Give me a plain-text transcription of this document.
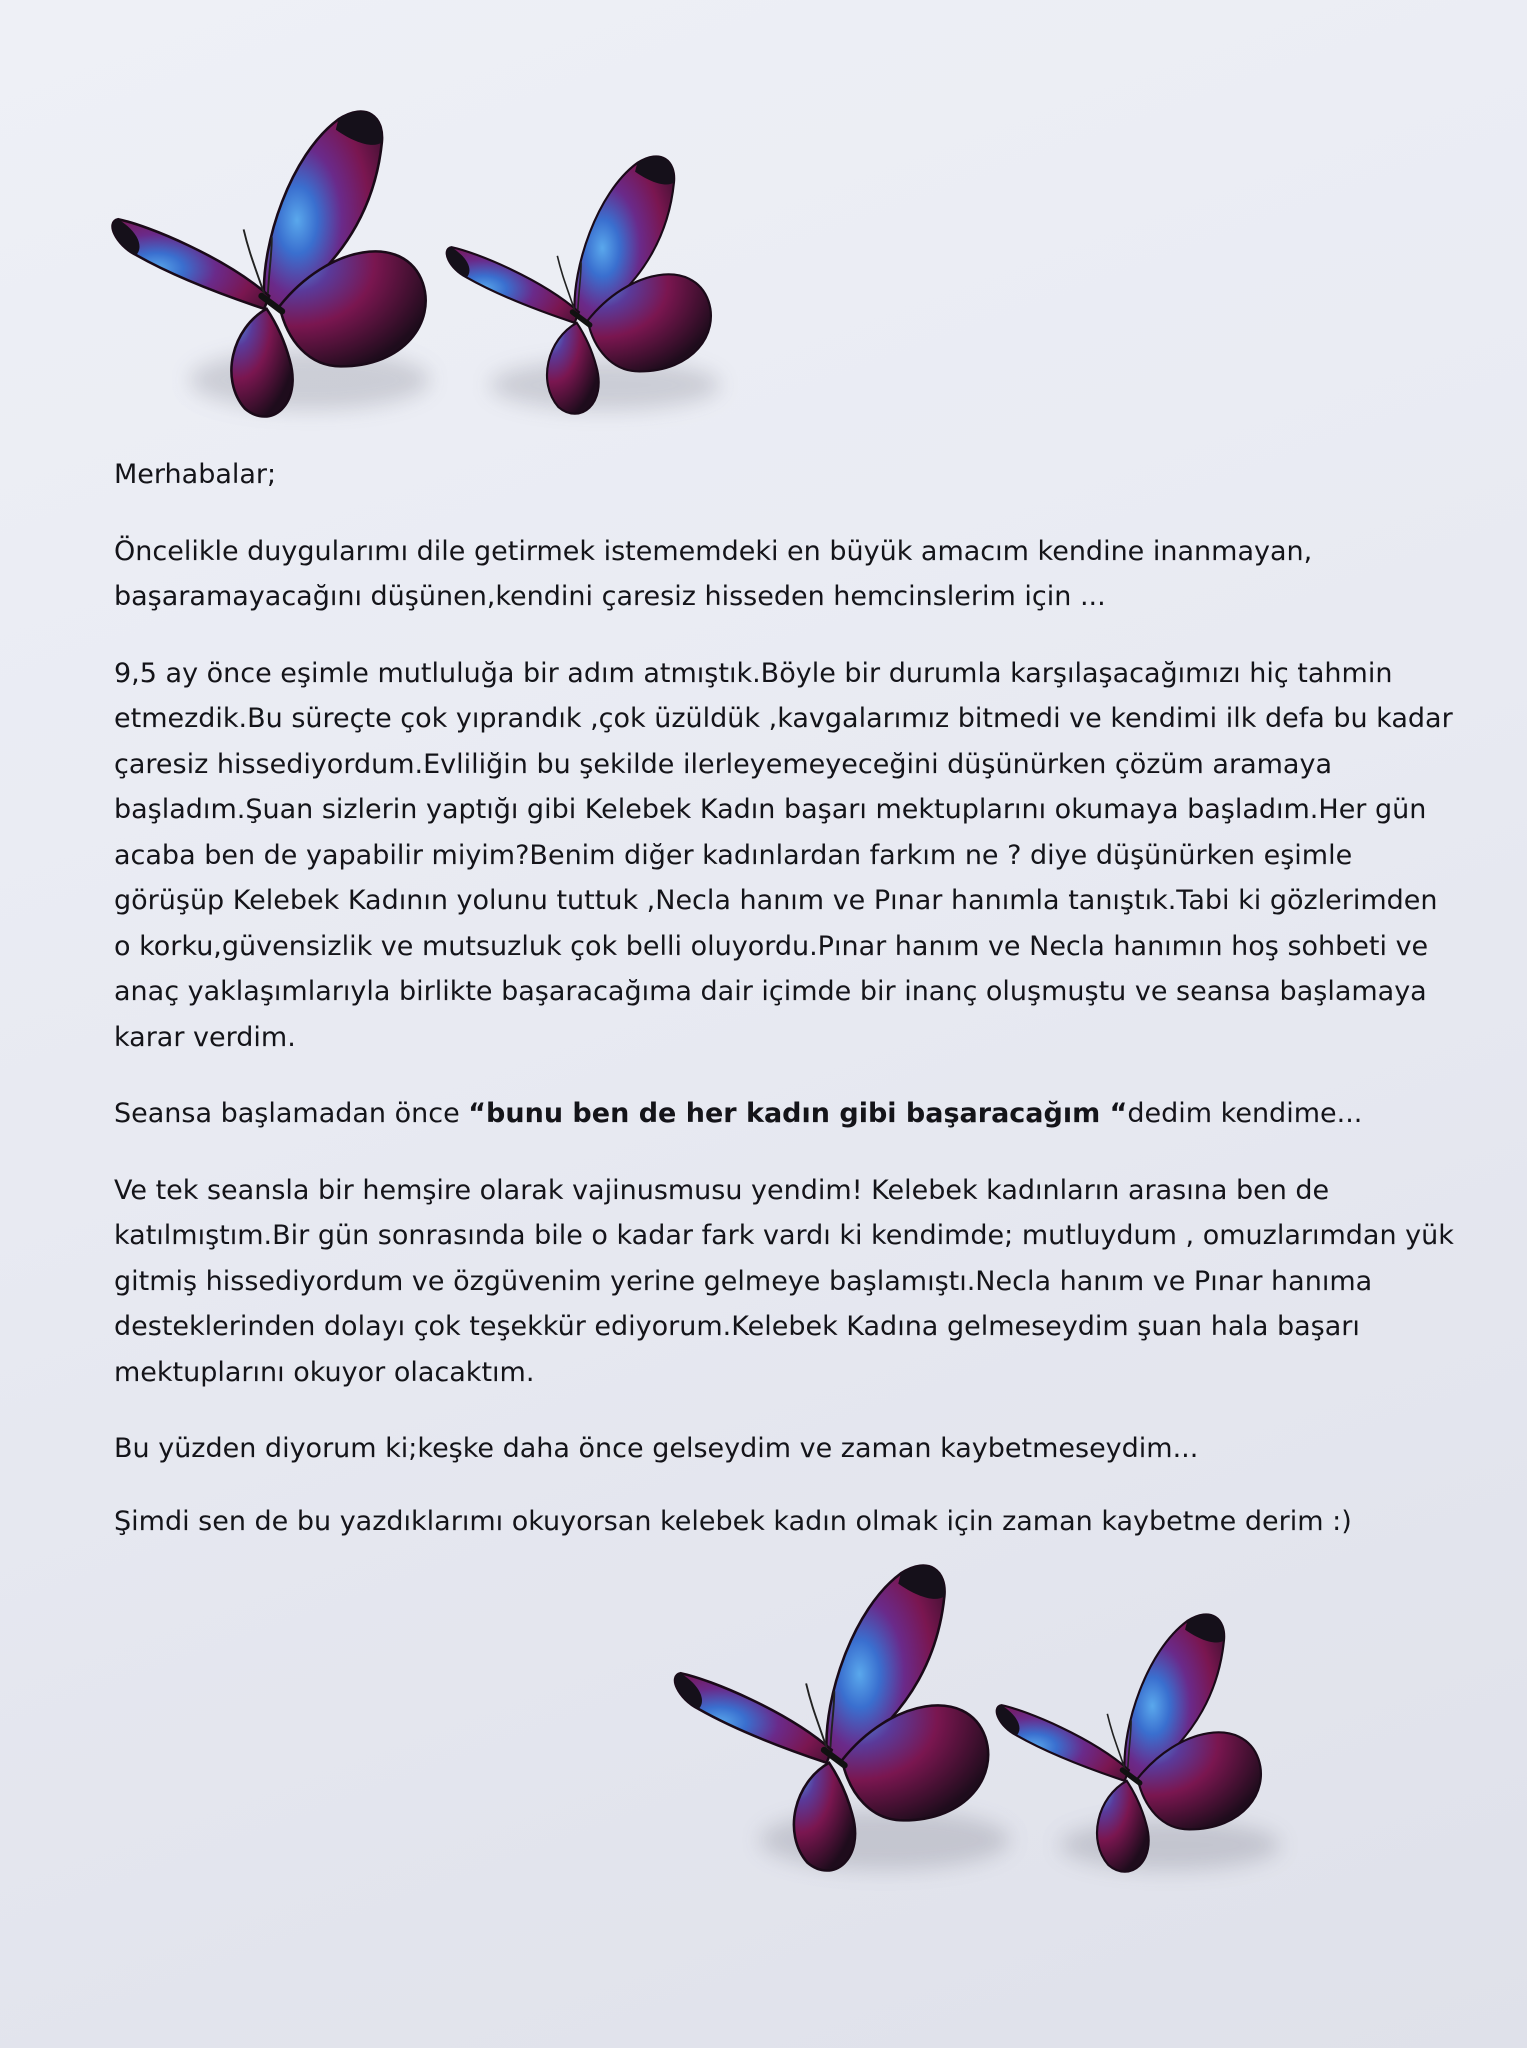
Merhabalar;

Öncelikle duygularımı dile getirmek istememdeki en büyük amacım kendine inanmayan, başaramayacağını düşünen,kendini çaresiz hisseden hemcinslerim için ...

9,5 ay önce eşimle mutluluğa bir adım atmıştık.Böyle bir durumla karşılaşacağımızı hiç tahmin etmezdik.Bu süreçte çok yıprandık ,çok üzüldük ,kavgalarımız bitmedi ve kendimi ilk defa bu kadar çaresiz hissediyordum.Evliliğin bu şekilde ilerleyemeyeceğini düşünürken çözüm aramaya başladım.Şuan sizlerin yaptığı gibi Kelebek Kadın başarı mektuplarını okumaya başladım.Her gün acaba ben de yapabilir miyim?Benim diğer kadınlardan farkım ne ? diye düşünürken eşimle görüşüp Kelebek Kadının yolunu tuttuk ,Necla hanım ve Pınar hanımla tanıştık.Tabi ki gözlerimden o korku,güvensizlik ve mutsuzluk çok belli oluyordu.Pınar hanım ve Necla hanımın hoş sohbeti ve anaç yaklaşımlarıyla birlikte başaracağıma dair içimde bir inanç oluşmuştu ve seansa başlamaya karar verdim.

Seansa başlamadan önce “bunu ben de her kadın gibi başaracağım “dedim kendime...

Ve tek seansla bir hemşire olarak vajinusmusu yendim! Kelebek kadınların arasına ben de katılmıştım.Bir gün sonrasında bile o kadar fark vardı ki kendimde; mutluydum , omuzlarımdan yük gitmiş hissediyordum ve özgüvenim yerine gelmeye başlamıştı.Necla hanım ve Pınar hanıma desteklerinden dolayı çok teşekkür ediyorum.Kelebek Kadına gelmeseydim şuan hala başarı mektuplarını okuyor olacaktım.

Bu yüzden diyorum ki;keşke daha önce gelseydim ve zaman kaybetmeseydim...

Şimdi sen de bu yazdıklarımı okuyorsan kelebek kadın olmak için zaman kaybetme derim :)
